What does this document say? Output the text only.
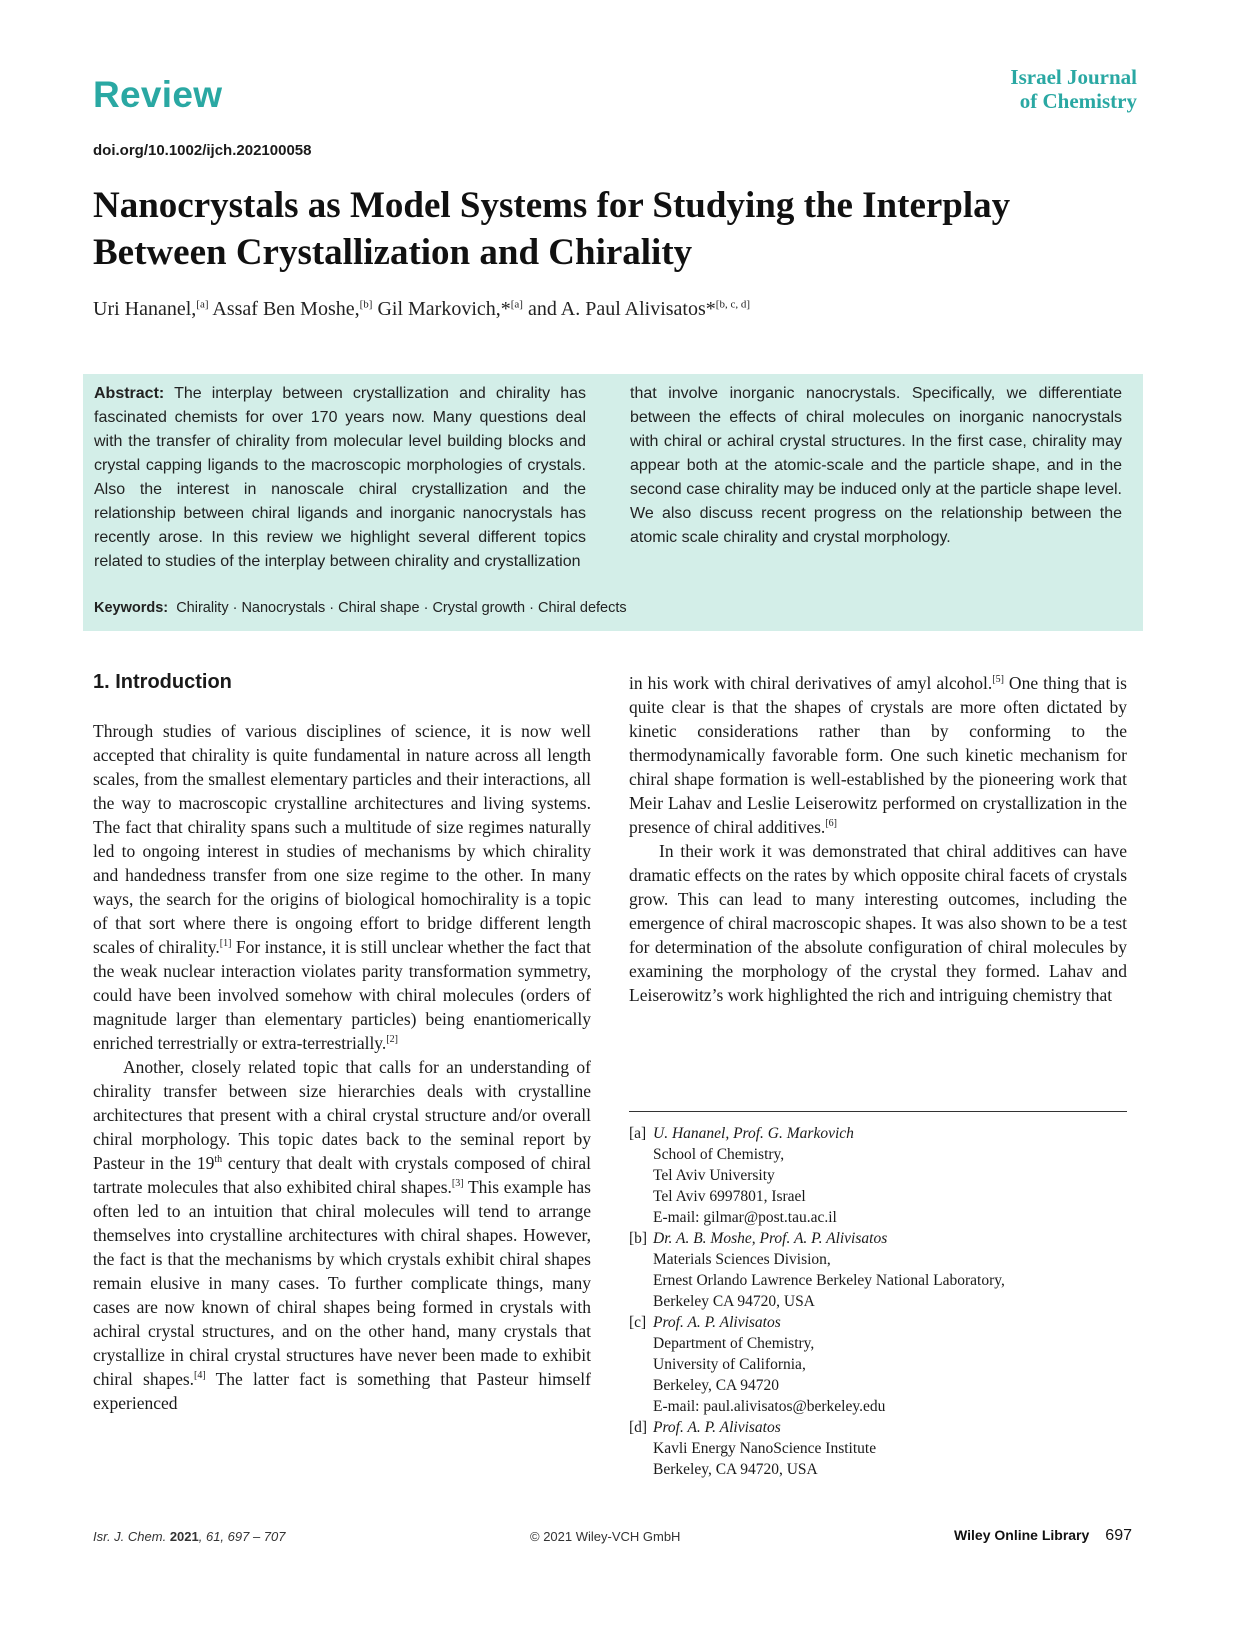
Review	Israel Journal
of Chemistry
doi.org/10.1002/ijch.202100058
Nanocrystals as Model Systems for Studying the Interplay
Between Crystallization and Chirality
Uri Hananel,[a] Assaf Ben Moshe,[b] Gil Markovich,*[a] and A. Paul Alivisatos*[b, c, d]

Abstract: The interplay between crystallization and chirality has fascinated chemists for over 170 years now. Many questions deal with the transfer of chirality from molecular level building blocks and crystal capping ligands to the macroscopic morphologies of crystals. Also the interest in nanoscale chiral crystallization and the relationship between chiral ligands and inorganic nanocrystals has recently arose. In this review we highlight several different topics related to studies of the interplay between chirality and crystallization

that involve inorganic nanocrystals. Specifically, we differentiate between the effects of chiral molecules on inorganic nanocrystals with chiral or achiral crystal structures. In the first case, chirality may appear both at the atomic-scale and the particle shape, and in the second case chirality may be induced only at the particle shape level. We also discuss recent progress on the relationship between the atomic scale chirality and crystal morphology.

Keywords: Chirality · Nanocrystals · Chiral shape · Crystal growth · Chiral defects
1. Introduction

Through studies of various disciplines of science, it is now well accepted that chirality is quite fundamental in nature across all length scales, from the smallest elementary particles and their interactions, all the way to macroscopic crystalline architectures and living systems. The fact that chirality spans such a multitude of size regimes naturally led to ongoing interest in studies of mechanisms by which chirality and handedness transfer from one size regime to the other. In many ways, the search for the origins of biological homochirality is a topic of that sort where there is ongoing effort to bridge different length scales of chirality.[1] For instance, it is still unclear whether the fact that the weak nuclear interaction violates parity transformation symmetry, could have been involved somehow with chiral molecules (orders of magnitude larger than elementary particles) being enantiomerically enriched terrestrially or extra-terrestrially.[2]

Another, closely related topic that calls for an understanding of chirality transfer between size hierarchies deals with crystalline architectures that present with a chiral crystal structure and/or overall chiral morphology. This topic dates back to the seminal report by Pasteur in the 19th century that dealt with crystals composed of chiral tartrate molecules that also exhibited chiral shapes.[3] This example has often led to an intuition that chiral molecules will tend to arrange themselves into crystalline architectures with chiral shapes. However, the fact is that the mechanisms by which crystals exhibit chiral shapes remain elusive in many cases. To further complicate things, many cases are now known of chiral shapes being formed in crystals with achiral crystal structures, and on the other hand, many crystals that crystallize in chiral crystal structures have never been made to exhibit chiral shapes.[4] The latter fact is something that Pasteur himself experienced

in his work with chiral derivatives of amyl alcohol.[5] One thing that is quite clear is that the shapes of crystals are more often dictated by kinetic considerations rather than by conforming to the thermodynamically favorable form. One such kinetic mechanism for chiral shape formation is well-established by the pioneering work that Meir Lahav and Leslie Leiserowitz performed on crystallization in the presence of chiral additives.[6]

In their work it was demonstrated that chiral additives can have dramatic effects on the rates by which opposite chiral facets of crystals grow. This can lead to many interesting outcomes, including the emergence of chiral macroscopic shapes. It was also shown to be a test for determination of the absolute configuration of chiral molecules by examining the morphology of the crystal they formed. Lahav and Leiserowitz’s work highlighted the rich and intriguing chemistry that

[a] U. Hananel, Prof. G. Markovich
School of Chemistry,
Tel Aviv University
Tel Aviv 6997801, Israel
E-mail: gilmar@post.tau.ac.il
[b] Dr. A. B. Moshe, Prof. A. P. Alivisatos
Materials Sciences Division,
Ernest Orlando Lawrence Berkeley National Laboratory,
Berkeley CA 94720, USA
[c] Prof. A. P. Alivisatos
Department of Chemistry,
University of California,
Berkeley, CA 94720
E-mail: paul.alivisatos@berkeley.edu
[d] Prof. A. P. Alivisatos
Kavli Energy NanoScience Institute
Berkeley, CA 94720, USA
Isr. J. Chem. 2021, 61, 697 – 707	© 2021 Wiley-VCH GmbH	Wiley Online Library 697
